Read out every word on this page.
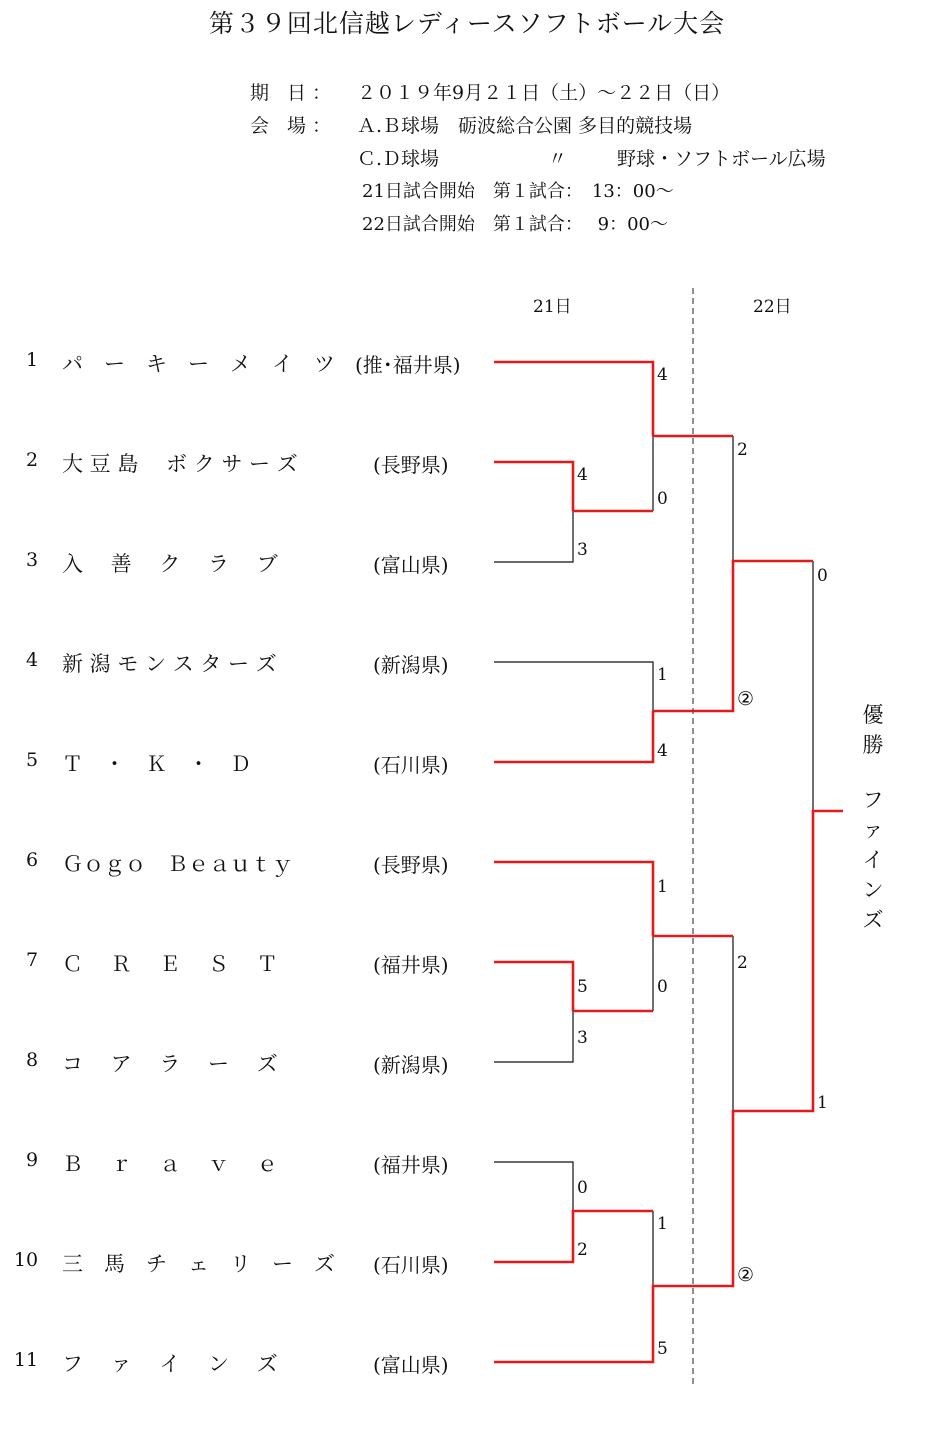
第３９回北信越レディースソフトボール大会
期 日： ２０１９年9月２１日（土）～２２日（日）
会 場： Ａ.Ｂ球場　砺波総合公園 多目的競技場
Ｃ.Ｄ球場	〃	野球・ソフトボール広場
21日試合開始　第１試合：　13：00～
22日試合開始　第１試合：　 9：00～
21日	22日
1	パ　ー　キ　ー　メ　イ　ツ (推･福井県)
2	大 豆 島　 ボ ク サ ー ズ	(長野県)
3	入　 善　 ク　 ラ　 ブ	(富山県)
4	新 潟 モ ン ス タ ー ズ	(新潟県)
5	Ｔ　・　Ｋ　・　Ｄ	(石川県)
6	Ｇｏｇｏ　Ｂｅａｕｔｙ	(長野県)
7	Ｃ　 Ｒ　 Ｅ　 Ｓ　 Ｔ	(福井県)
8	コ　 ア　 ラ　 ー　 ズ	(新潟県)
9	Ｂ　 ｒ　 ａ　 ｖ　 ｅ	(福井県)
10	三　馬　チ　ェ　リ　ー　ズ (石川県)
11	フ　 ァ　 イ　 ン　 ズ	(富山県)
4
0
4
3
1
4
2
②
0
1
0
5
3
2
1
0
2
1
5
②
優勝
ファインズ
